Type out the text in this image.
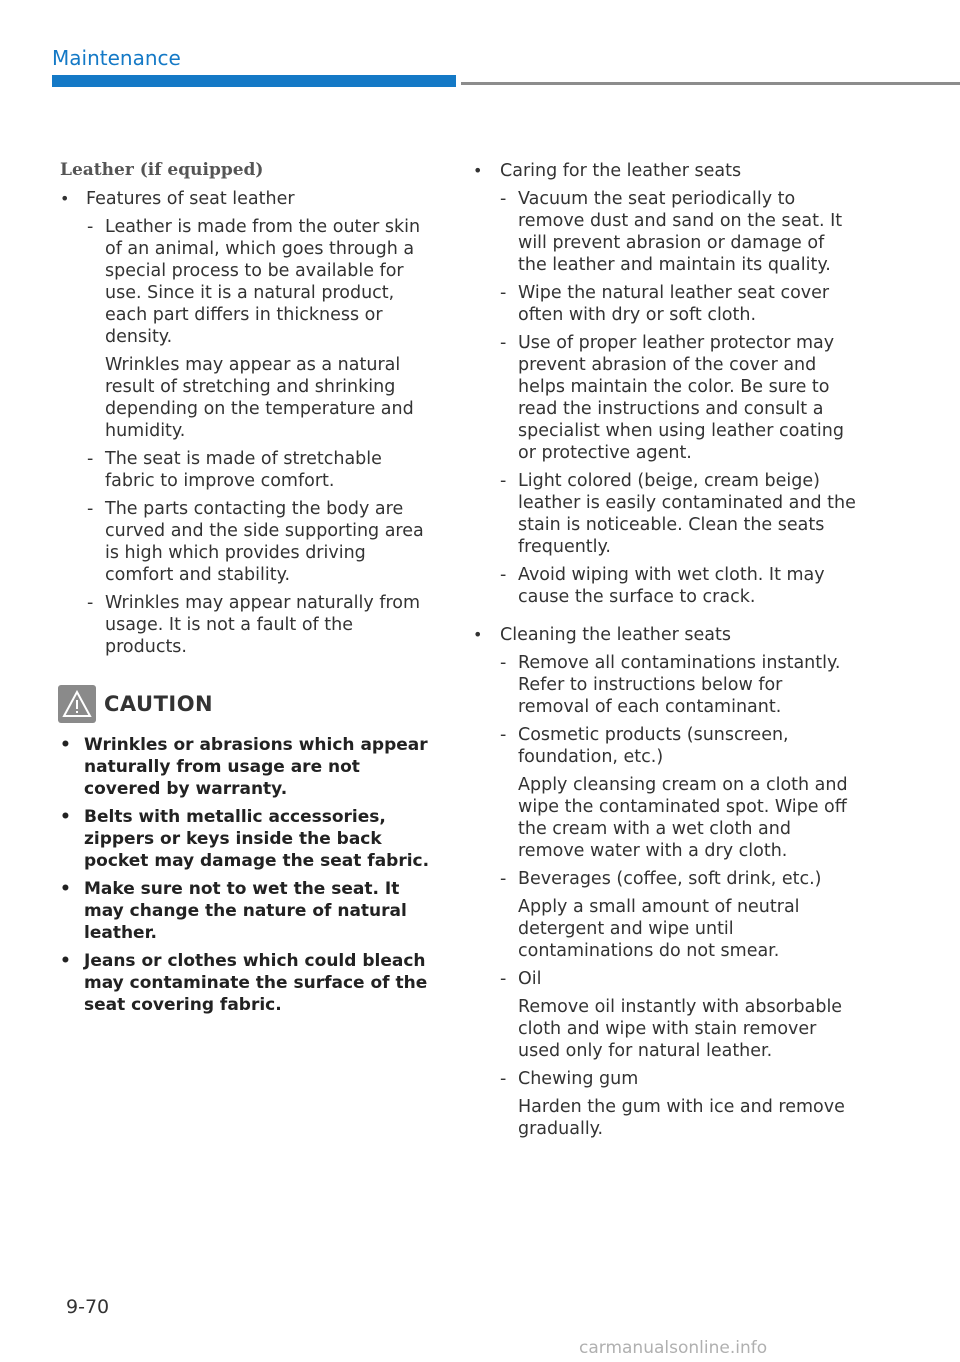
Maintenance
Leather (if equipped)
• Features of seat leather

- Leather is made from the outer skin of an animal, which goes through a special process to be available for use. Since it is a natural product, each part differs in thickness or density.

Wrinkles may appear as a natural result of stretching and shrinking depending on the temperature and humidity.

- The seat is made of stretchable fabric to improve comfort.

- The parts contacting the body are curved and the side supporting area is high which provides driving comfort and stability.

- Wrinkles may appear naturally from usage. It is not a fault of the products.

CAUTION
• Wrinkles or abrasions which appear naturally from usage are not covered by warranty.
• Belts with metallic accessories, zippers or keys inside the back pocket may damage the seat fabric.
• Make sure not to wet the seat. It may change the nature of natural leather.
• Jeans or clothes which could bleach may contaminate the surface of the seat covering fabric.
• Caring for the leather seats

- Vacuum the seat periodically to remove dust and sand on the seat. It will prevent abrasion or damage of the leather and maintain its quality.

- Wipe the natural leather seat cover often with dry or soft cloth.

- Use of proper leather protector may prevent abrasion of the cover and helps maintain the color. Be sure to read the instructions and consult a specialist when using leather coating or protective agent.

- Light colored (beige, cream beige) leather is easily contaminated and the stain is noticeable. Clean the seats frequently.

- Avoid wiping with wet cloth. It may cause the surface to crack.

• Cleaning the leather seats

- Remove all contaminations instantly. Refer to instructions below for removal of each contaminant.

- Cosmetic products (sunscreen, foundation, etc.)

Apply cleansing cream on a cloth and wipe the contaminated spot. Wipe off the cream with a wet cloth and remove water with a dry cloth.

- Beverages (coffee, soft drink, etc.)

Apply a small amount of neutral detergent and wipe until contaminations do not smear.

- Oil

Remove oil instantly with absorbable cloth and wipe with stain remover used only for natural leather.

- Chewing gum

Harden the gum with ice and remove gradually.

9-70
carmanualsonline.info
